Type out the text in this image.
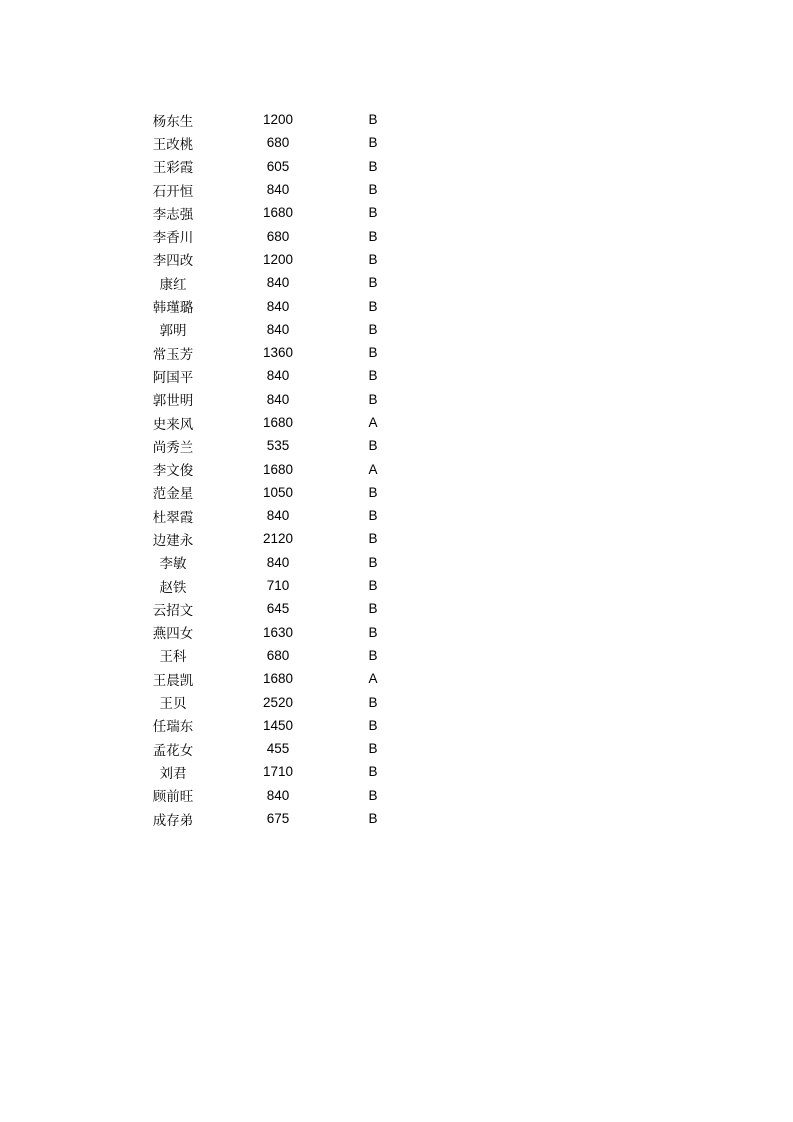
杨东生	1200	B
王改桃	680	B
王彩霞	605	B
石开恒	840	B
李志强	1680	B
李香川	680	B
李四改	1200	B
康红	840	B
韩瑾璐	840	B
郭明	840	B
常玉芳	1360	B
阿国平	840	B
郭世明	840	B
史来风	1680	A
尚秀兰	535	B
李文俊	1680	A
范金星	1050	B
杜翠霞	840	B
边建永	2120	B
李敏	840	B
赵铁	710	B
云招文	645	B
燕四女	1630	B
王科	680	B
王晨凯	1680	A
王贝	2520	B
任瑞东	1450	B
孟花女	455	B
刘君	1710	B
顾前旺	840	B
成存弟	675	B
